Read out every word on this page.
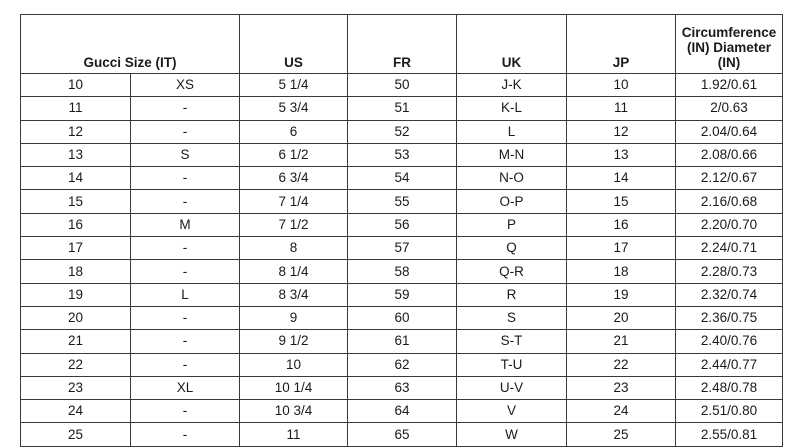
Gucci Size (IT)		US	FR	UK	JP	Circumference (IN) Diameter (IN)
10	XS	5 1/4	50	J-K	10	1.92/0.61
11	-	5 3/4	51	K-L	11	2/0.63
12	-	6	52	L	12	2.04/0.64
13	S	6 1/2	53	M-N	13	2.08/0.66
14	-	6 3/4	54	N-O	14	2.12/0.67
15	-	7 1/4	55	O-P	15	2.16/0.68
16	M	7 1/2	56	P	16	2.20/0.70
17	-	8	57	Q	17	2.24/0.71
18	-	8 1/4	58	Q-R	18	2.28/0.73
19	L	8 3/4	59	R	19	2.32/0.74
20	-	9	60	S	20	2.36/0.75
21	-	9 1/2	61	S-T	21	2.40/0.76
22	-	10	62	T-U	22	2.44/0.77
23	XL	10 1/4	63	U-V	23	2.48/0.78
24	-	10 3/4	64	V	24	2.51/0.80
25	-	11	65	W	25	2.55/0.81
